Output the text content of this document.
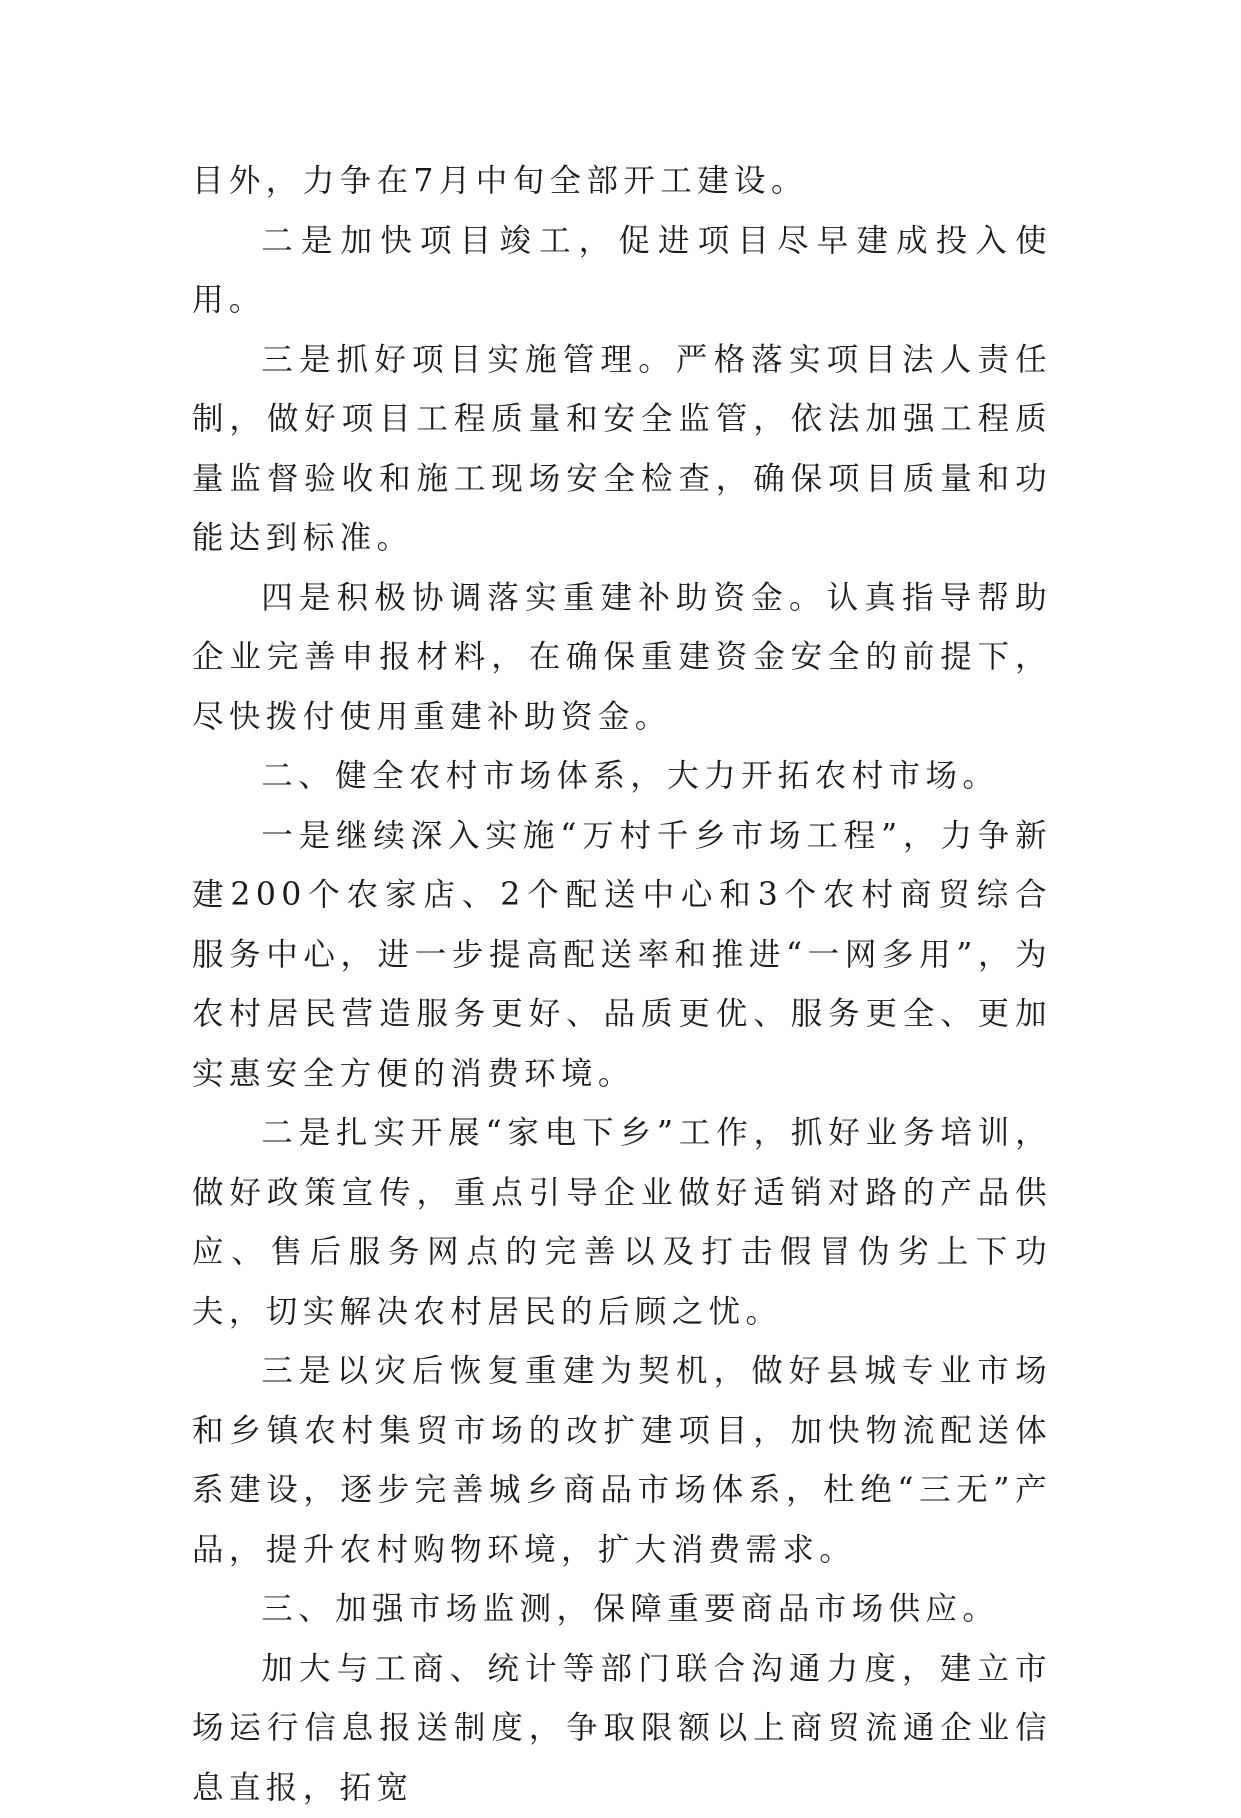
目外，力争在7月中旬全部开工建设。

二是加快项目竣工，促进项目尽早建成投入使用。

三是抓好项目实施管理。严格落实项目法人责任制，做好项目工程质量和安全监管，依法加强工程质量监督验收和施工现场安全检查，确保项目质量和功能达到标准。

四是积极协调落实重建补助资金。认真指导帮助企业完善申报材料，在确保重建资金安全的前提下，尽快拨付使用重建补助资金。

二、健全农村市场体系，大力开拓农村市场。

一是继续深入实施“万村千乡市场工程”，力争新建200个农家店、2个配送中心和3个农村商贸综合服务中心，进一步提高配送率和推进“一网多用”，为农村居民营造服务更好、品质更优、服务更全、更加实惠安全方便的消费环境。

二是扎实开展“家电下乡”工作，抓好业务培训，做好政策宣传，重点引导企业做好适销对路的产品供应、售后服务网点的完善以及打击假冒伪劣上下功夫，切实解决农村居民的后顾之忧。

三是以灾后恢复重建为契机，做好县城专业市场和乡镇农村集贸市场的改扩建项目，加快物流配送体系建设，逐步完善城乡商品市场体系，杜绝“三无”产品，提升农村购物环境，扩大消费需求。

三、加强市场监测，保障重要商品市场供应。

加大与工商、统计等部门联合沟通力度，建立市场运行信息报送制度，争取限额以上商贸流通企业信息直报，拓宽
